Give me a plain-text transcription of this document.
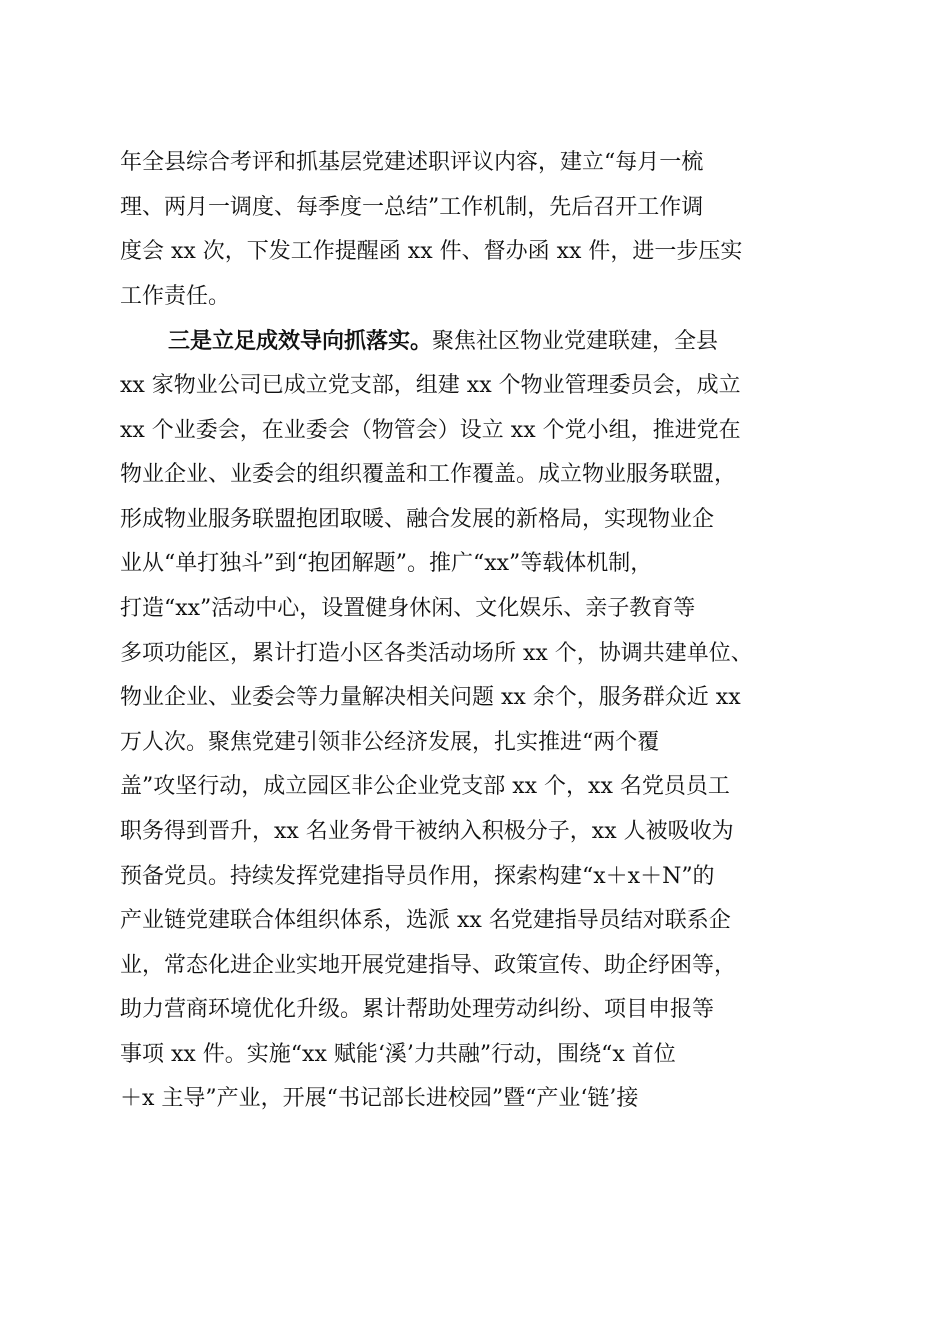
年全县综合考评和抓基层党建述职评议内容，建立“每月一梳
理、两月一调度、每季度一总结”工作机制，先后召开工作调
度会 xx 次，下发工作提醒函 xx 件、督办函 xx 件，进一步压实
工作责任。
三是立足成效导向抓落实。聚焦社区物业党建联建，全县
xx 家物业公司已成立党支部，组建 xx 个物业管理委员会，成立
xx 个业委会，在业委会（物管会）设立 xx 个党小组，推进党在
物业企业、业委会的组织覆盖和工作覆盖。成立物业服务联盟，
形成物业服务联盟抱团取暖、融合发展的新格局，实现物业企
业从“单打独斗”到“抱团解题”。推广“xx”等载体机制，
打造“xx”活动中心，设置健身休闲、文化娱乐、亲子教育等
多项功能区，累计打造小区各类活动场所 xx 个，协调共建单位、
物业企业、业委会等力量解决相关问题 xx 余个，服务群众近 xx
万人次。聚焦党建引领非公经济发展，扎实推进“两个覆
盖”攻坚行动，成立园区非公企业党支部 xx 个，xx 名党员员工
职务得到晋升，xx 名业务骨干被纳入积极分子，xx 人被吸收为
预备党员。持续发挥党建指导员作用，探索构建“x＋x＋N”的
产业链党建联合体组织体系，选派 xx 名党建指导员结对联系企
业，常态化进企业实地开展党建指导、政策宣传、助企纾困等，
助力营商环境优化升级。累计帮助处理劳动纠纷、项目申报等
事项 xx 件。实施“xx 赋能‘溪’力共融”行动，围绕“x 首位
＋x 主导”产业，开展“书记部长进校园”暨“产业‘链’接
